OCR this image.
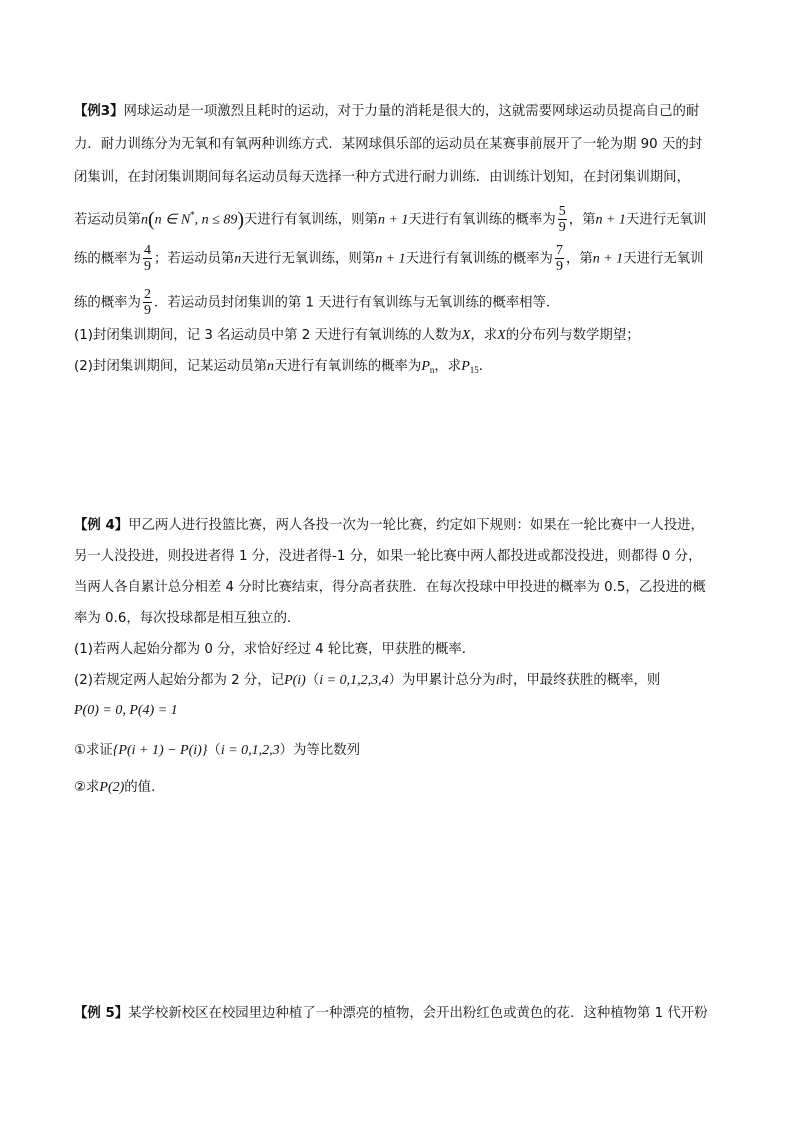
【例3】网球运动是一项激烈且耗时的运动，对于力量的消耗是很大的，这就需要网球运动员提高自己的耐
力．耐力训练分为无氧和有氧两种训练方式．某网球俱乐部的运动员在某赛事前展开了一轮为期 90 天的封
闭集训，在封闭集训期间每名运动员每天选择一种方式进行耐力训练．由训练计划知，在封闭集训期间，
若运动员第n(n ∈ N*, n ≤ 89)天进行有氧训练，则第n + 1天进行有氧训练的概率为 $\frac{5}{9}$ ，第n + 1天进行无氧训
练的概率为 $\frac{4}{9}$ ；若运动员第n天进行无氧训练，则第n + 1天进行有氧训练的概率为 $\frac{7}{9}$ ，第n + 1天进行无氧训
练的概率为 $\frac{2}{9}$ ．若运动员封闭集训的第 1 天进行有氧训练与无氧训练的概率相等．
(1)封闭集训期间，记 3 名运动员中第 2 天进行有氧训练的人数为X，求X的分布列与数学期望；
(2)封闭集训期间，记某运动员第n天进行有氧训练的概率为$P_n$，求$P_{15}$．
【例 4】甲乙两人进行投篮比赛，两人各投一次为一轮比赛，约定如下规则：如果在一轮比赛中一人投进，
另一人没投进，则投进者得 1 分，没进者得-1 分，如果一轮比赛中两人都投进或都没投进，则都得 0 分，
当两人各自累计总分相差 4 分时比赛结束，得分高者获胜．在每次投球中甲投进的概率为 0.5，乙投进的概
率为 0.6，每次投球都是相互独立的．
(1)若两人起始分都为 0 分，求恰好经过 4 轮比赛，甲获胜的概率．
(2)若规定两人起始分都为 2 分，记P(i)（i = 0,1,2,3,4）为甲累计总分为i时，甲最终获胜的概率，则
P(0) = 0, P(4) = 1
①求证{P(i + 1) − P(i)}（i = 0,1,2,3）为等比数列
②求P(2)的值．
【例 5】某学校新校区在校园里边种植了一种漂亮的植物，会开出粉红色或黄色的花．这种植物第 1 代开粉
